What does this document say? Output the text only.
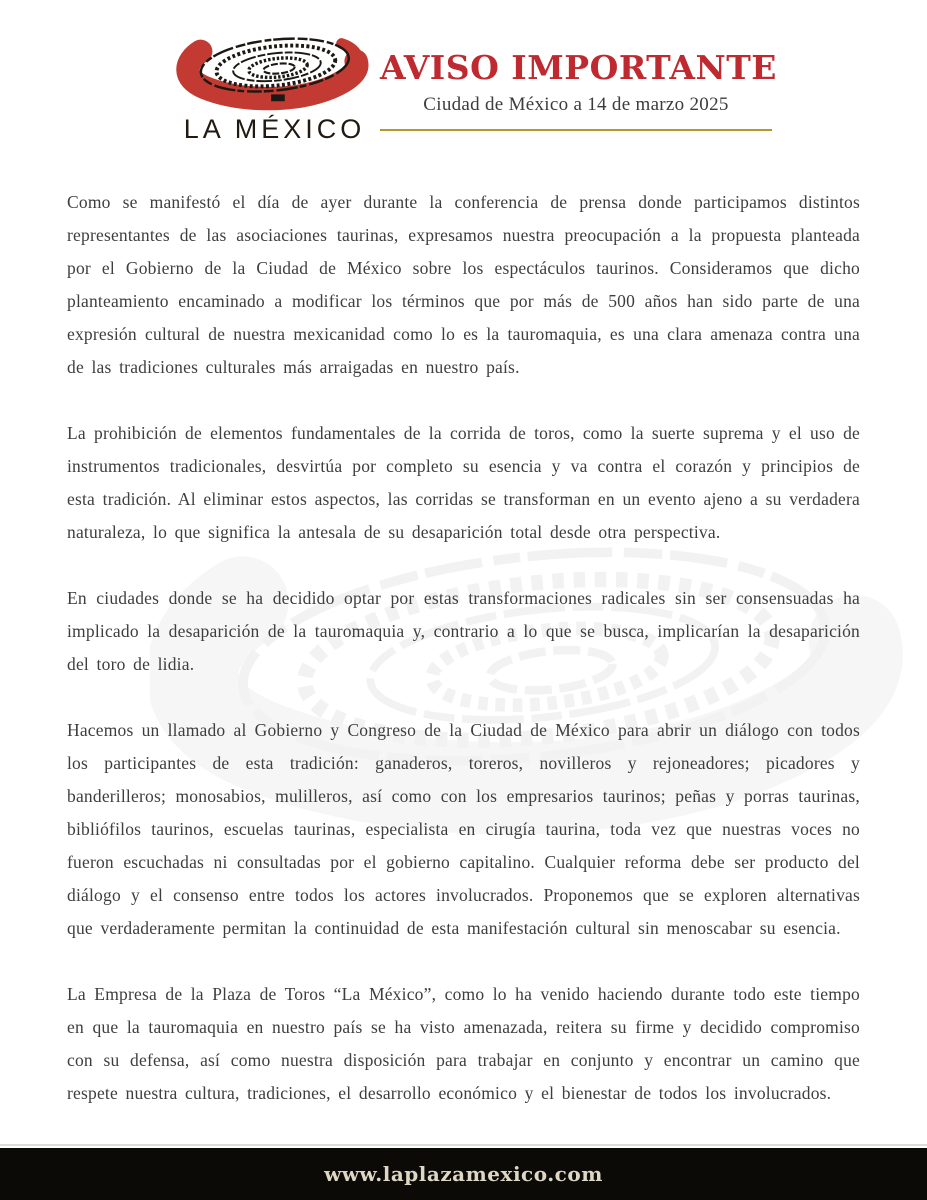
LA MÉXICO
AVISO IMPORTANTE
Ciudad de México a 14 de marzo 2025

Como se manifestó el día de ayer durante la conferencia de prensa donde participamos distintos representantes de las asociaciones taurinas, expresamos nuestra preocupación a la propuesta planteada por el Gobierno de la Ciudad de México sobre los espectáculos taurinos. Consideramos que dicho planteamiento encaminado a modificar los términos que por más de 500 años han sido parte de una expresión cultural de nuestra mexicanidad como lo es la tauromaquia, es una clara amenaza contra una de las tradiciones culturales más arraigadas en nuestro país.

La prohibición de elementos fundamentales de la corrida de toros, como la suerte suprema y el uso de instrumentos tradicionales, desvirtúa por completo su esencia y va contra el corazón y principios de esta tradición. Al eliminar estos aspectos, las corridas se transforman en un evento ajeno a su verdadera naturaleza, lo que significa la antesala de su desaparición total desde otra perspectiva.

En ciudades donde se ha decidido optar por estas transformaciones radicales sin ser consensuadas ha implicado la desaparición de la tauromaquia y, contrario a lo que se busca, implicarían la desaparición del toro de lidia.

Hacemos un llamado al Gobierno y Congreso de la Ciudad de México para abrir un diálogo con todos los participantes de esta tradición: ganaderos, toreros, novilleros y rejoneadores; picadores y banderilleros; monosabios, mulilleros, así como con los empresarios taurinos; peñas y porras taurinas, bibliófilos taurinos, escuelas taurinas, especialista en cirugía taurina, toda vez que nuestras voces no fueron escuchadas ni consultadas por el gobierno capitalino. Cualquier reforma debe ser producto del diálogo y el consenso entre todos los actores involucrados. Proponemos que se exploren alternativas que verdaderamente permitan la continuidad de esta manifestación cultural sin menoscabar su esencia.

La Empresa de la Plaza de Toros “La México”, como lo ha venido haciendo durante todo este tiempo en que la tauromaquia en nuestro país se ha visto amenazada, reitera su firme y decidido compromiso con su defensa, así como nuestra disposición para trabajar en conjunto y encontrar un camino que respete nuestra cultura, tradiciones, el desarrollo económico y el bienestar de todos los involucrados.

www.laplazamexico.com
